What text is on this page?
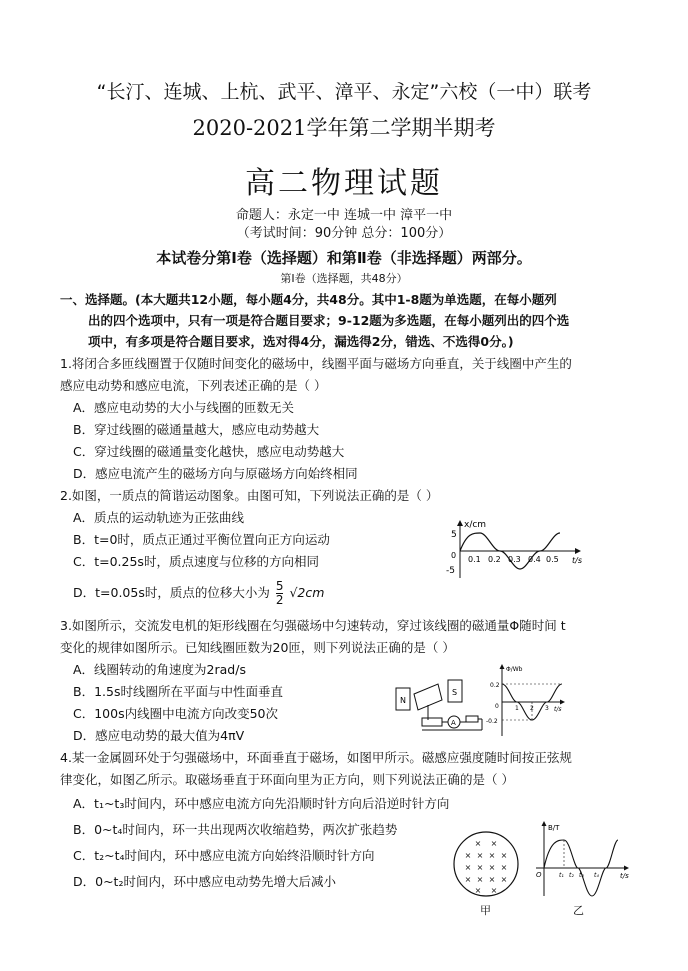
“长汀、连城、上杭、武平、漳平、永定”六校（一中）联考
2020-2021学年第二学期半期考
高二物理试题
命题人：永定一中 连城一中 漳平一中
（考试时间：90分钟 总分：100分）
本试卷分第Ⅰ卷（选择题）和第Ⅱ卷（非选择题）两部分。
第Ⅰ卷（选择题，共48分）
一、选择题。(本大题共12小题，每小题4分，共48分。其中1-8题为单选题，在每小题列
出的四个选项中，只有一项是符合题目要求；9-12题为多选题，在每小题列出的四个选
项中，有多项是符合题目要求，选对得4分，漏选得2分，错选、不选得0分。)
1.将闭合多匝线圈置于仅随时间变化的磁场中，线圈平面与磁场方向垂直，关于线圈中产生的
感应电动势和感应电流，下列表述正确的是（ ）
A．感应电动势的大小与线圈的匝数无关
B．穿过线圈的磁通量越大，感应电动势越大
C．穿过线圈的磁通量变化越快，感应电动势越大
D．感应电流产生的磁场方向与原磁场方向始终相同
2.如图，一质点的简谐运动图象。由图可知，下列说法正确的是（ ）
A．质点的运动轨迹为正弦曲线
B．t=0时，质点正通过平衡位置向正方向运动
C．t=0.25s时，质点速度与位移的方向相同
D．t=0.05s时，质点的位移大小为 $\frac{5}{2} √2cm$
x/cm
t/s
5
-5
0 0.1 0.2 0.3 0.4 0.5
3.如图所示，交流发电机的矩形线圈在匀强磁场中匀速转动，穿过该线圈的磁通量Φ随时间 t
变化的规律如图所示。已知线圈匝数为20匝，则下列说法正确的是（ ）
A．线圈转动的角速度为2rad/s
B．1.5s时线圈所在平面与中性面垂直
C．100s内线圈中电流方向改变50次
D．感应电动势的最大值为4πV
N
S
A
Φ/Wb
t/s
0.2
-0.2
0	1 2 3
4.某一金属圆环处于匀强磁场中，环面垂直于磁场，如图甲所示。磁感应强度随时间按正弦规
律变化，如图乙所示。取磁场垂直于环面向里为正方向，则下列说法正确的是（ ）
A．t₁~t₃时间内，环中感应电流方向先沿顺时针方向后沿逆时针方向
B．0~t₄时间内，环一共出现两次收缩趋势，两次扩张趋势
C．t₂~t₄时间内，环中感应电流方向始终沿顺时针方向
D．0~t₂时间内，环中感应电动势先增大后减小
× ×
× × × ×
× × × ×
× × × ×
× ×
甲
B/T
t/s
O	t₁ t₂ t₃ t₄
乙
